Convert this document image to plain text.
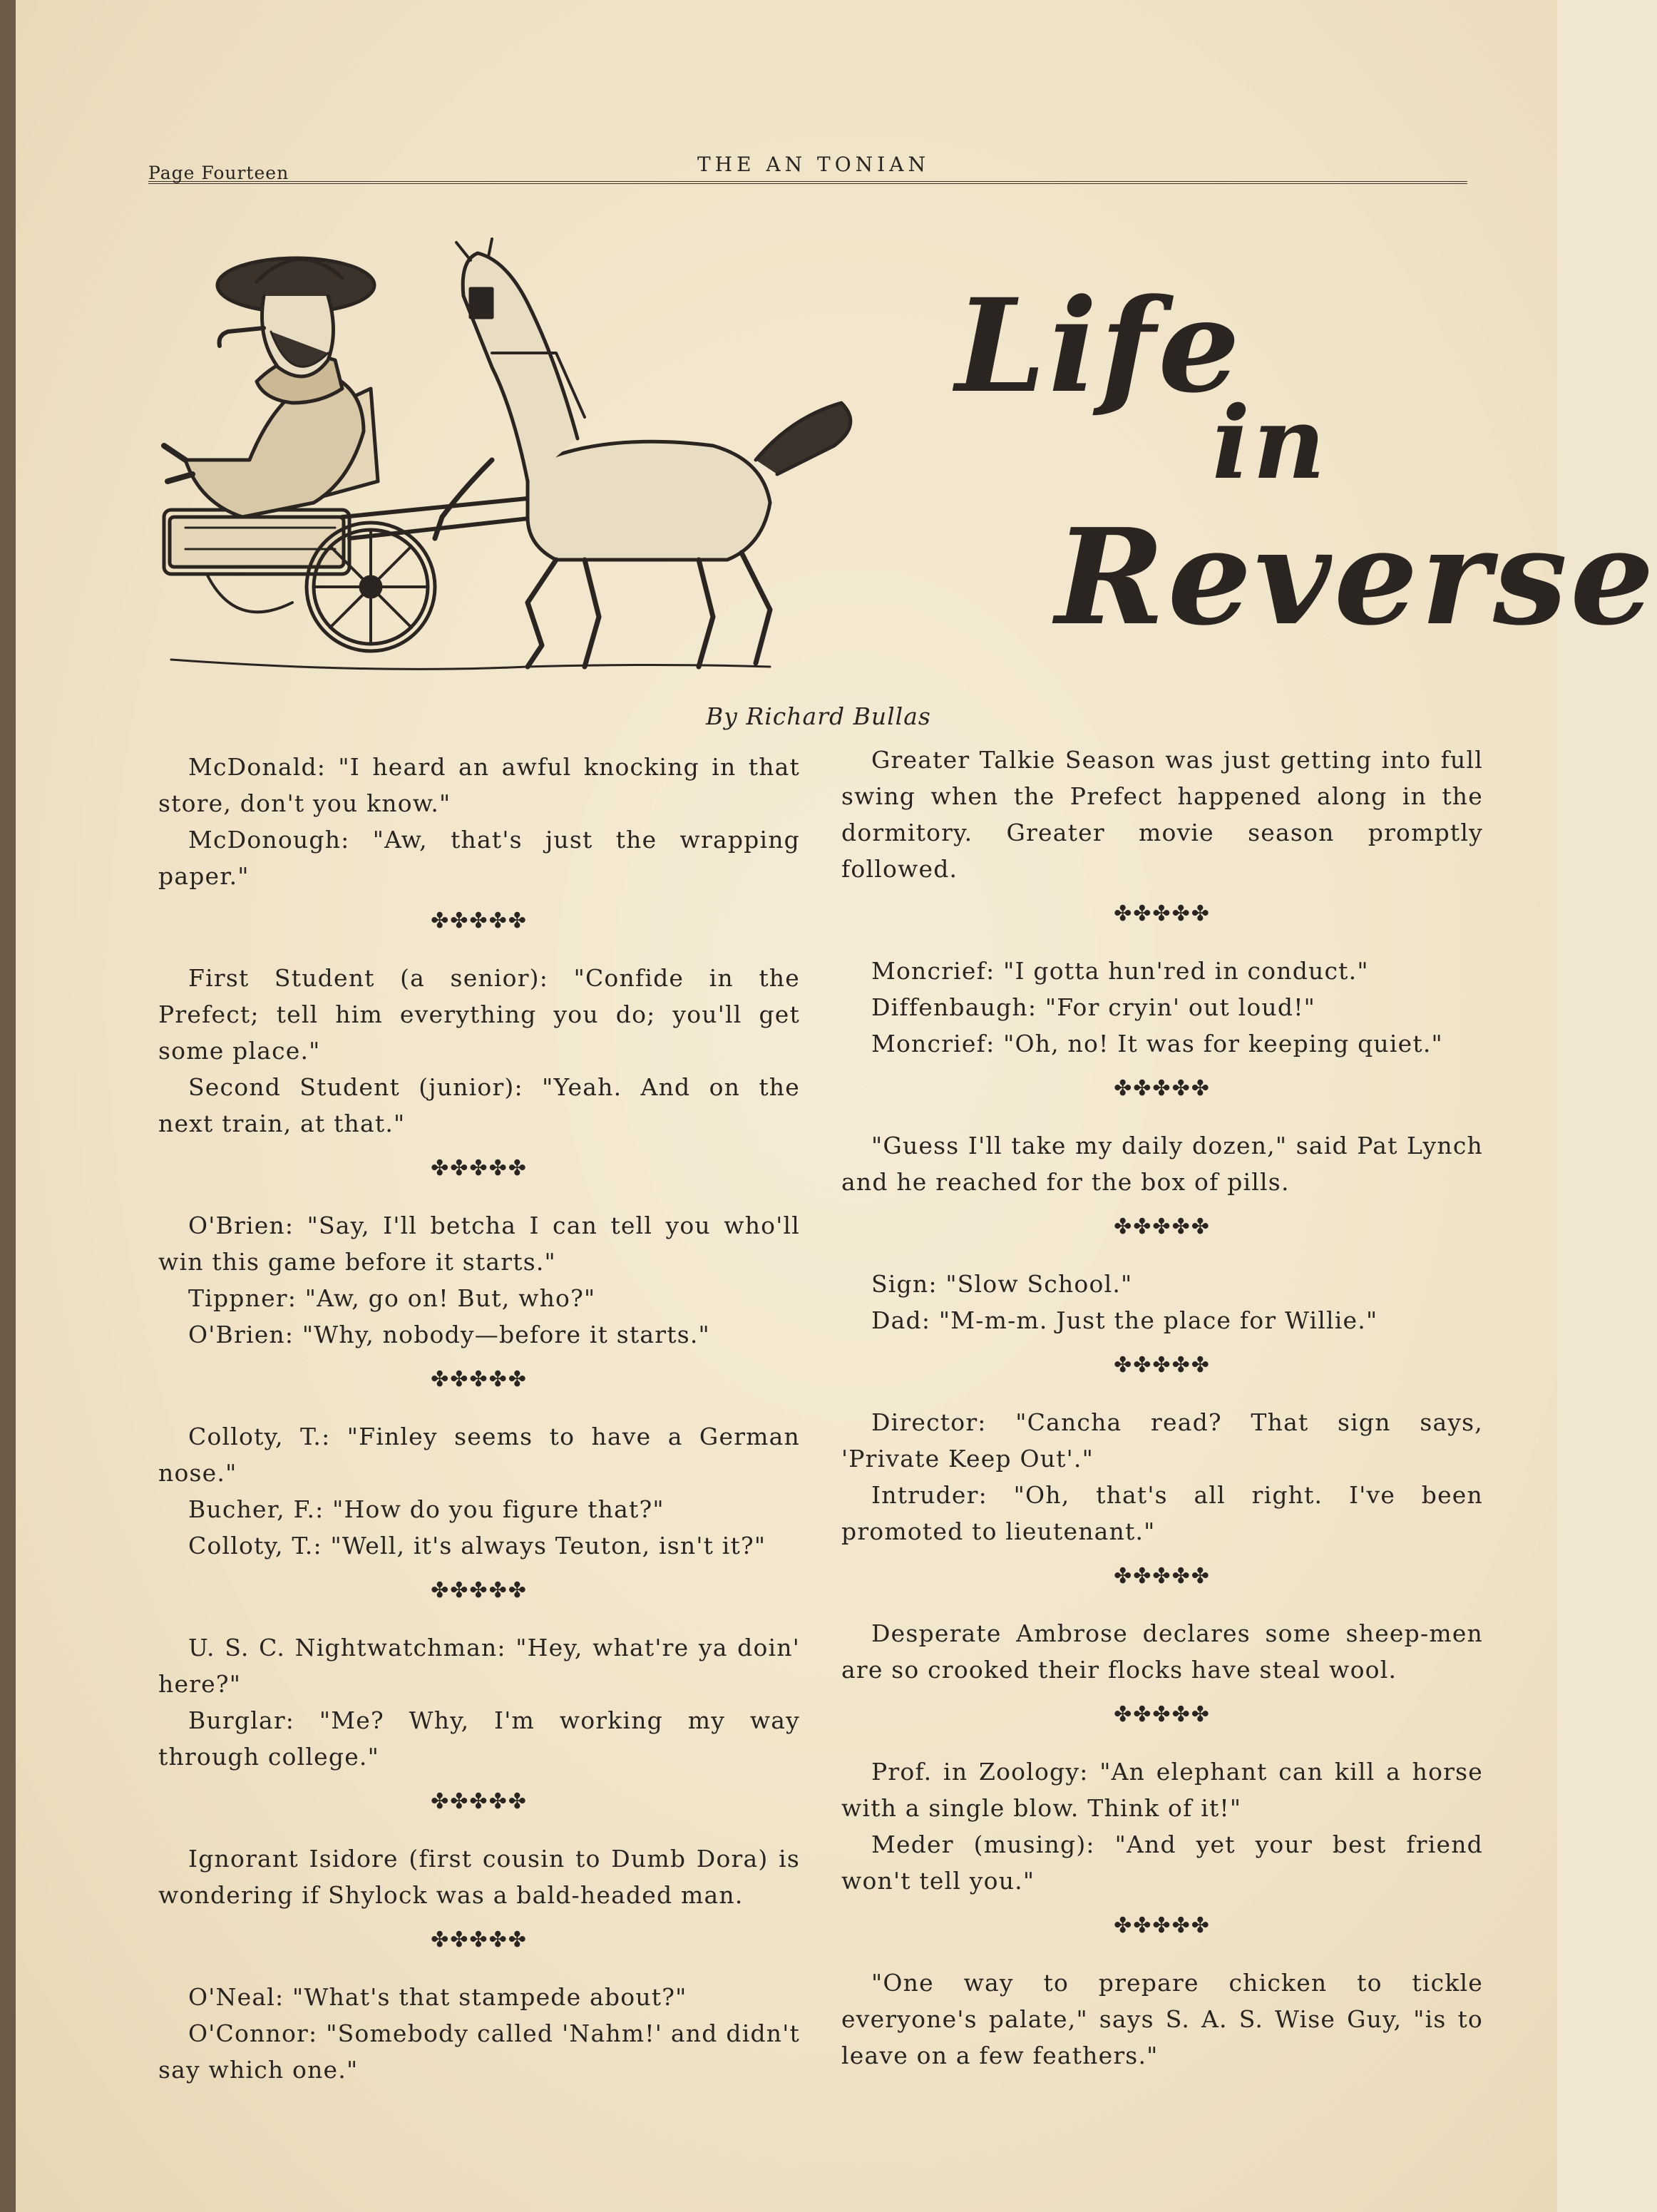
Page Fourteen	THE AN TONIAN
Life
in
Reverse
By Richard Bullas

McDonald: "I heard an awful knocking in that store, don't you know."

McDonough: "Aw, that's just the wrapping paper."

✤✤✤✤✤

First Student (a senior): "Confide in the Prefect; tell him everything you do; you'll get some place."

Second Student (junior): "Yeah. And on the next train, at that."

✤✤✤✤✤

O'Brien: "Say, I'll betcha I can tell you who'll win this game before it starts."

Tippner: "Aw, go on! But, who?"

O'Brien: "Why, nobody—before it starts."

✤✤✤✤✤

Colloty, T.: "Finley seems to have a German nose."

Bucher, F.: "How do you figure that?"

Colloty, T.: "Well, it's always Teuton, isn't it?"

✤✤✤✤✤

U. S. C. Nightwatchman: "Hey, what're ya doin' here?"

Burglar: "Me? Why, I'm working my way through college."

✤✤✤✤✤

Ignorant Isidore (first cousin to Dumb Dora) is wondering if Shylock was a bald-headed man.

✤✤✤✤✤

O'Neal: "What's that stampede about?"

O'Connor: "Somebody called 'Nahm!' and didn't say which one."

Greater Talkie Season was just getting into full swing when the Prefect happened along in the dormitory. Greater movie season promptly followed.

✤✤✤✤✤

Moncrief: "I gotta hun'red in conduct."

Diffenbaugh: "For cryin' out loud!"

Moncrief: "Oh, no! It was for keeping quiet."

✤✤✤✤✤

"Guess I'll take my daily dozen," said Pat Lynch and he reached for the box of pills.

✤✤✤✤✤

Sign: "Slow School."

Dad: "M-m-m. Just the place for Willie."

✤✤✤✤✤

Director: "Cancha read? That sign says, 'Private Keep Out'."

Intruder: "Oh, that's all right. I've been promoted to lieutenant."

✤✤✤✤✤

Desperate Ambrose declares some sheep-men are so crooked their flocks have steal wool.

✤✤✤✤✤

Prof. in Zoology: "An elephant can kill a horse with a single blow. Think of it!"

Meder (musing): "And yet your best friend won't tell you."

✤✤✤✤✤

"One way to prepare chicken to tickle everyone's palate," says S. A. S. Wise Guy, "is to leave on a few feathers."
